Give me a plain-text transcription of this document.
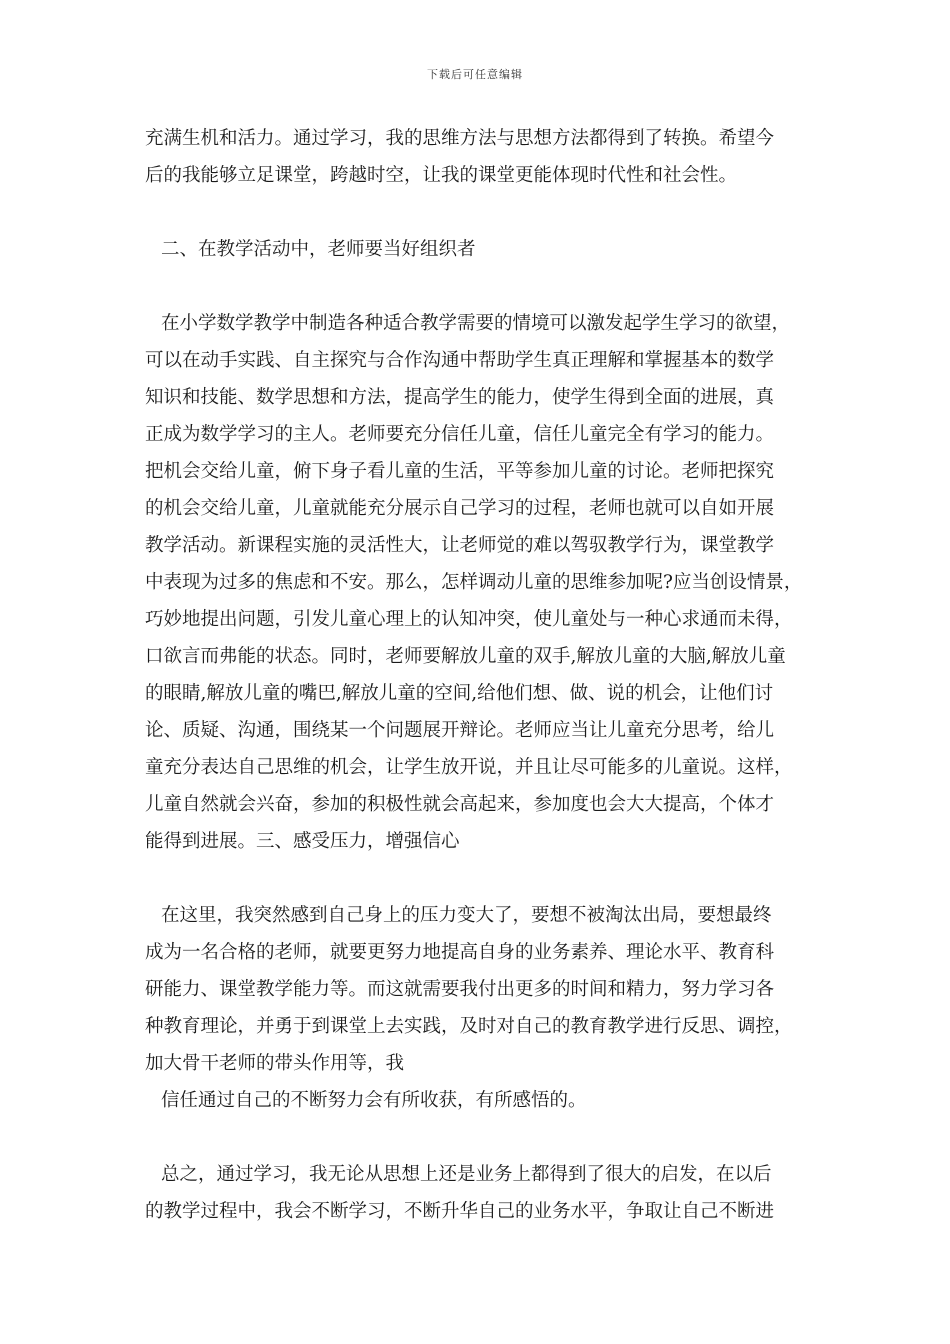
下载后可任意编辑

充满生机和活力。通过学习，我的思维方法与思想方法都得到了转换。希望今
后的我能够立足课堂，跨越时空，让我的课堂更能体现时代性和社会性。

二、在教学活动中，老师要当好组织者

在小学数学教学中制造各种适合教学需要的情境可以激发起学生学习的欲望，
可以在动手实践、自主探究与合作沟通中帮助学生真正理解和掌握基本的数学
知识和技能、数学思想和方法，提高学生的能力，使学生得到全面的进展，真
正成为数学学习的主人。老师要充分信任儿童，信任儿童完全有学习的能力。
把机会交给儿童，俯下身子看儿童的生活，平等参加儿童的讨论。老师把探究
的机会交给儿童，儿童就能充分展示自己学习的过程，老师也就可以自如开展
教学活动。新课程实施的灵活性大，让老师觉的难以驾驭教学行为，课堂教学
中表现为过多的焦虑和不安。那么，怎样调动儿童的思维参加呢?应当创设情景，
巧妙地提出问题，引发儿童心理上的认知冲突，使儿童处与一种心求通而未得，
口欲言而弗能的状态。同时，老师要解放儿童的双手,解放儿童的大脑,解放儿童
的眼睛,解放儿童的嘴巴,解放儿童的空间,给他们想、做、说的机会，让他们讨
论、质疑、沟通，围绕某一个问题展开辩论。老师应当让儿童充分思考，给儿
童充分表达自己思维的机会，让学生放开说，并且让尽可能多的儿童说。这样，
儿童自然就会兴奋，参加的积极性就会高起来，参加度也会大大提高，个体才
能得到进展。三、感受压力，增强信心

在这里，我突然感到自己身上的压力变大了，要想不被淘汰出局，要想最终
成为一名合格的老师，就要更努力地提高自身的业务素养、理论水平、教育科
研能力、课堂教学能力等。而这就需要我付出更多的时间和精力，努力学习各
种教育理论，并勇于到课堂上去实践，及时对自己的教育教学进行反思、调控，
加大骨干老师的带头作用等，我

信任通过自己的不断努力会有所收获，有所感悟的。

总之，通过学习，我无论从思想上还是业务上都得到了很大的启发，在以后
的教学过程中，我会不断学习，不断升华自己的业务水平，争取让自己不断进
